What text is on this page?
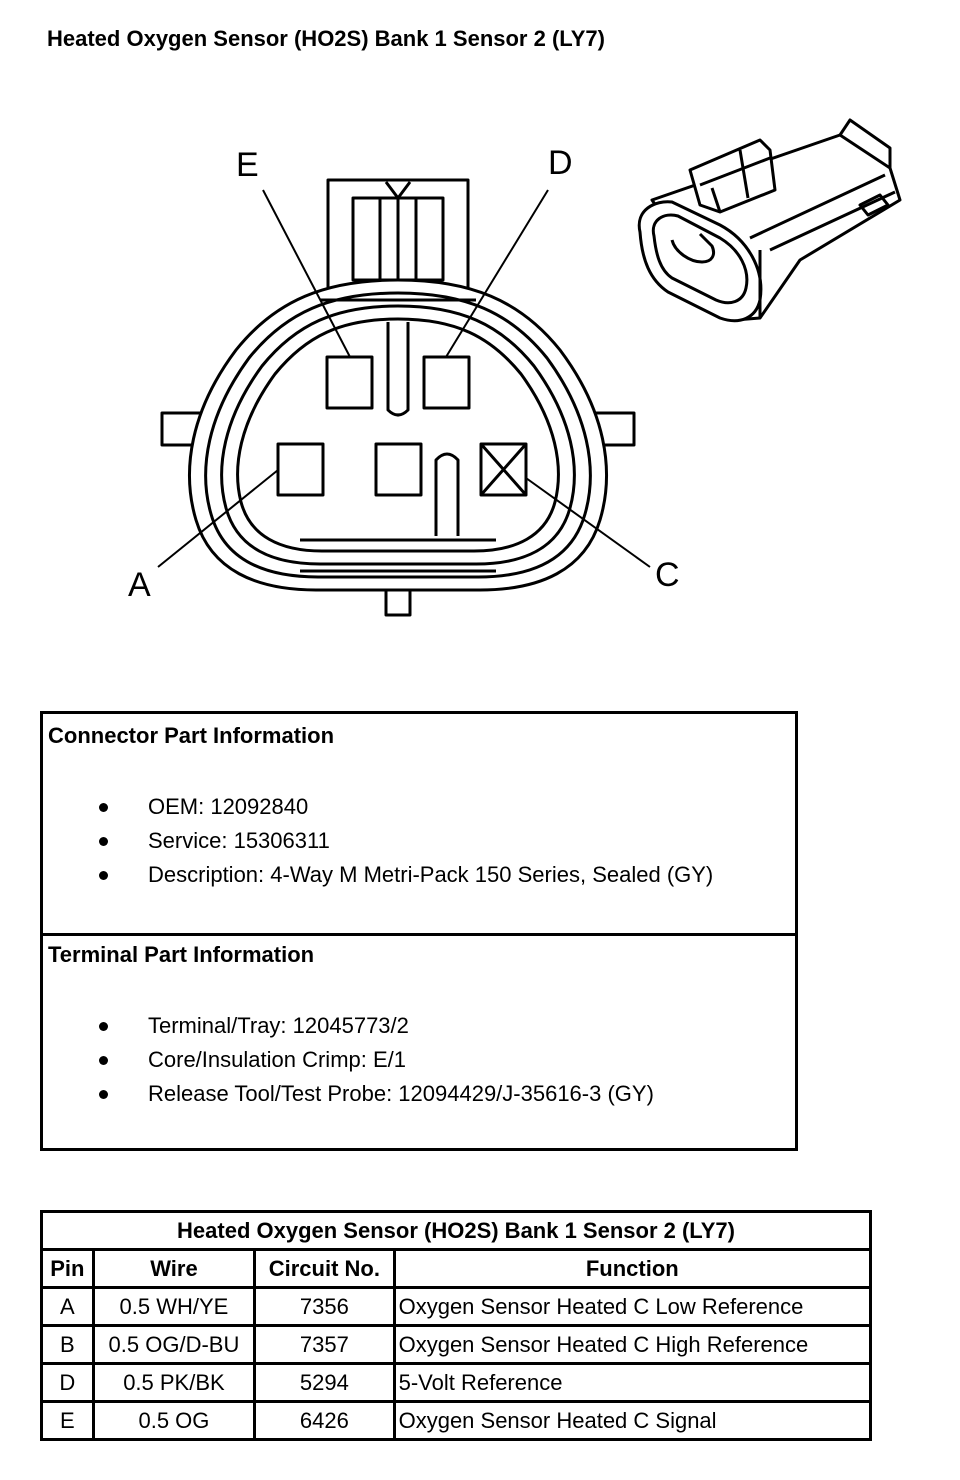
Heated Oxygen Sensor (HO2S) Bank 1 Sensor 2 (LY7)
E	D
A	C
Connector Part Information
OEM: 12092840
Service: 15306311
Description: 4-Way M Metri-Pack 150 Series, Sealed (GY)
Terminal Part Information
Terminal/Tray: 12045773/2
Core/Insulation Crimp: E/1
Release Tool/Test Probe: 12094429/J-35616-3 (GY)
Heated Oxygen Sensor (HO2S) Bank 1 Sensor 2 (LY7)			
Pin	Wire	Circuit No.	Function
A	0.5 WH/YE	7356	Oxygen Sensor Heated C Low Reference
B	0.5 OG/D-BU	7357	Oxygen Sensor Heated C High Reference
D	0.5 PK/BK	5294	5-Volt Reference
E	0.5 OG	6426	Oxygen Sensor Heated C Signal
